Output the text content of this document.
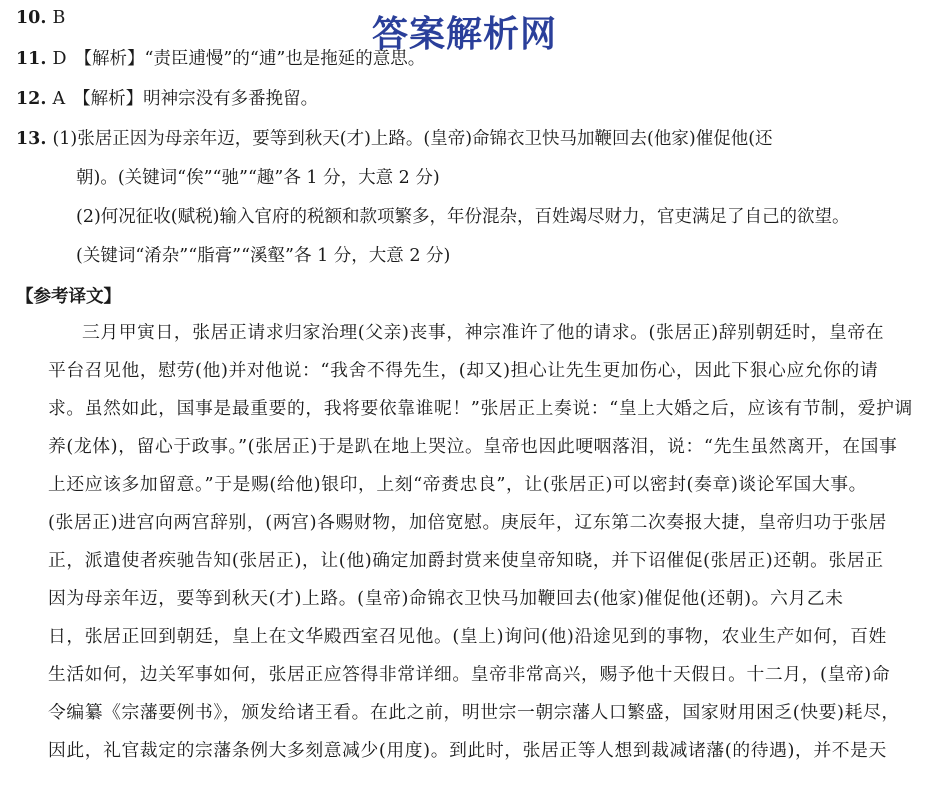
答案解析网
10. B
11. D 【解析】“责臣逋慢”的“逋”也是拖延的意思。
12. A 【解析】明神宗没有多番挽留。
13. (1)张居正因为母亲年迈，要等到秋天(才)上路。(皇帝)命锦衣卫快马加鞭回去(他家)催促他(还
朝)。(关键词“俟”“驰”“趣”各 1 分，大意 2 分)
(2)何况征收(赋税)输入官府的税额和款项繁多，年份混杂，百姓竭尽财力，官吏满足了自己的欲望。
(关键词“淆杂”“脂膏”“溪壑”各 1 分，大意 2 分)
【参考译文】
三月甲寅日，张居正请求归家治理(父亲)丧事，神宗准许了他的请求。(张居正)辞别朝廷时，皇帝在
平台召见他，慰劳(他)并对他说：“我舍不得先生，(却又)担心让先生更加伤心，因此下狠心应允你的请
求。虽然如此，国事是最重要的，我将要依靠谁呢！”张居正上奏说：“皇上大婚之后，应该有节制，爱护调
养(龙体)，留心于政事。”(张居正)于是趴在地上哭泣。皇帝也因此哽咽落泪，说：“先生虽然离开，在国事
上还应该多加留意。”于是赐(给他)银印，上刻“帝赉忠良”，让(张居正)可以密封(奏章)谈论军国大事。
(张居正)进宫向两宫辞别，(两宫)各赐财物，加倍宽慰。庚辰年，辽东第二次奏报大捷，皇帝归功于张居
正，派遣使者疾驰告知(张居正)，让(他)确定加爵封赏来使皇帝知晓，并下诏催促(张居正)还朝。张居正
因为母亲年迈，要等到秋天(才)上路。(皇帝)命锦衣卫快马加鞭回去(他家)催促他(还朝)。六月乙未
日，张居正回到朝廷，皇上在文华殿西室召见他。(皇上)询问(他)沿途见到的事物，农业生产如何，百姓
生活如何，边关军事如何，张居正应答得非常详细。皇帝非常高兴，赐予他十天假日。十二月，(皇帝)命
令编纂《宗藩要例书》，颁发给诸王看。在此之前，明世宗一朝宗藩人口繁盛，国家财用困乏(快要)耗尽，
因此，礼官裁定的宗藩条例大多刻意减少(用度)。到此时，张居正等人想到裁减诸藩(的待遇)，并不是天
